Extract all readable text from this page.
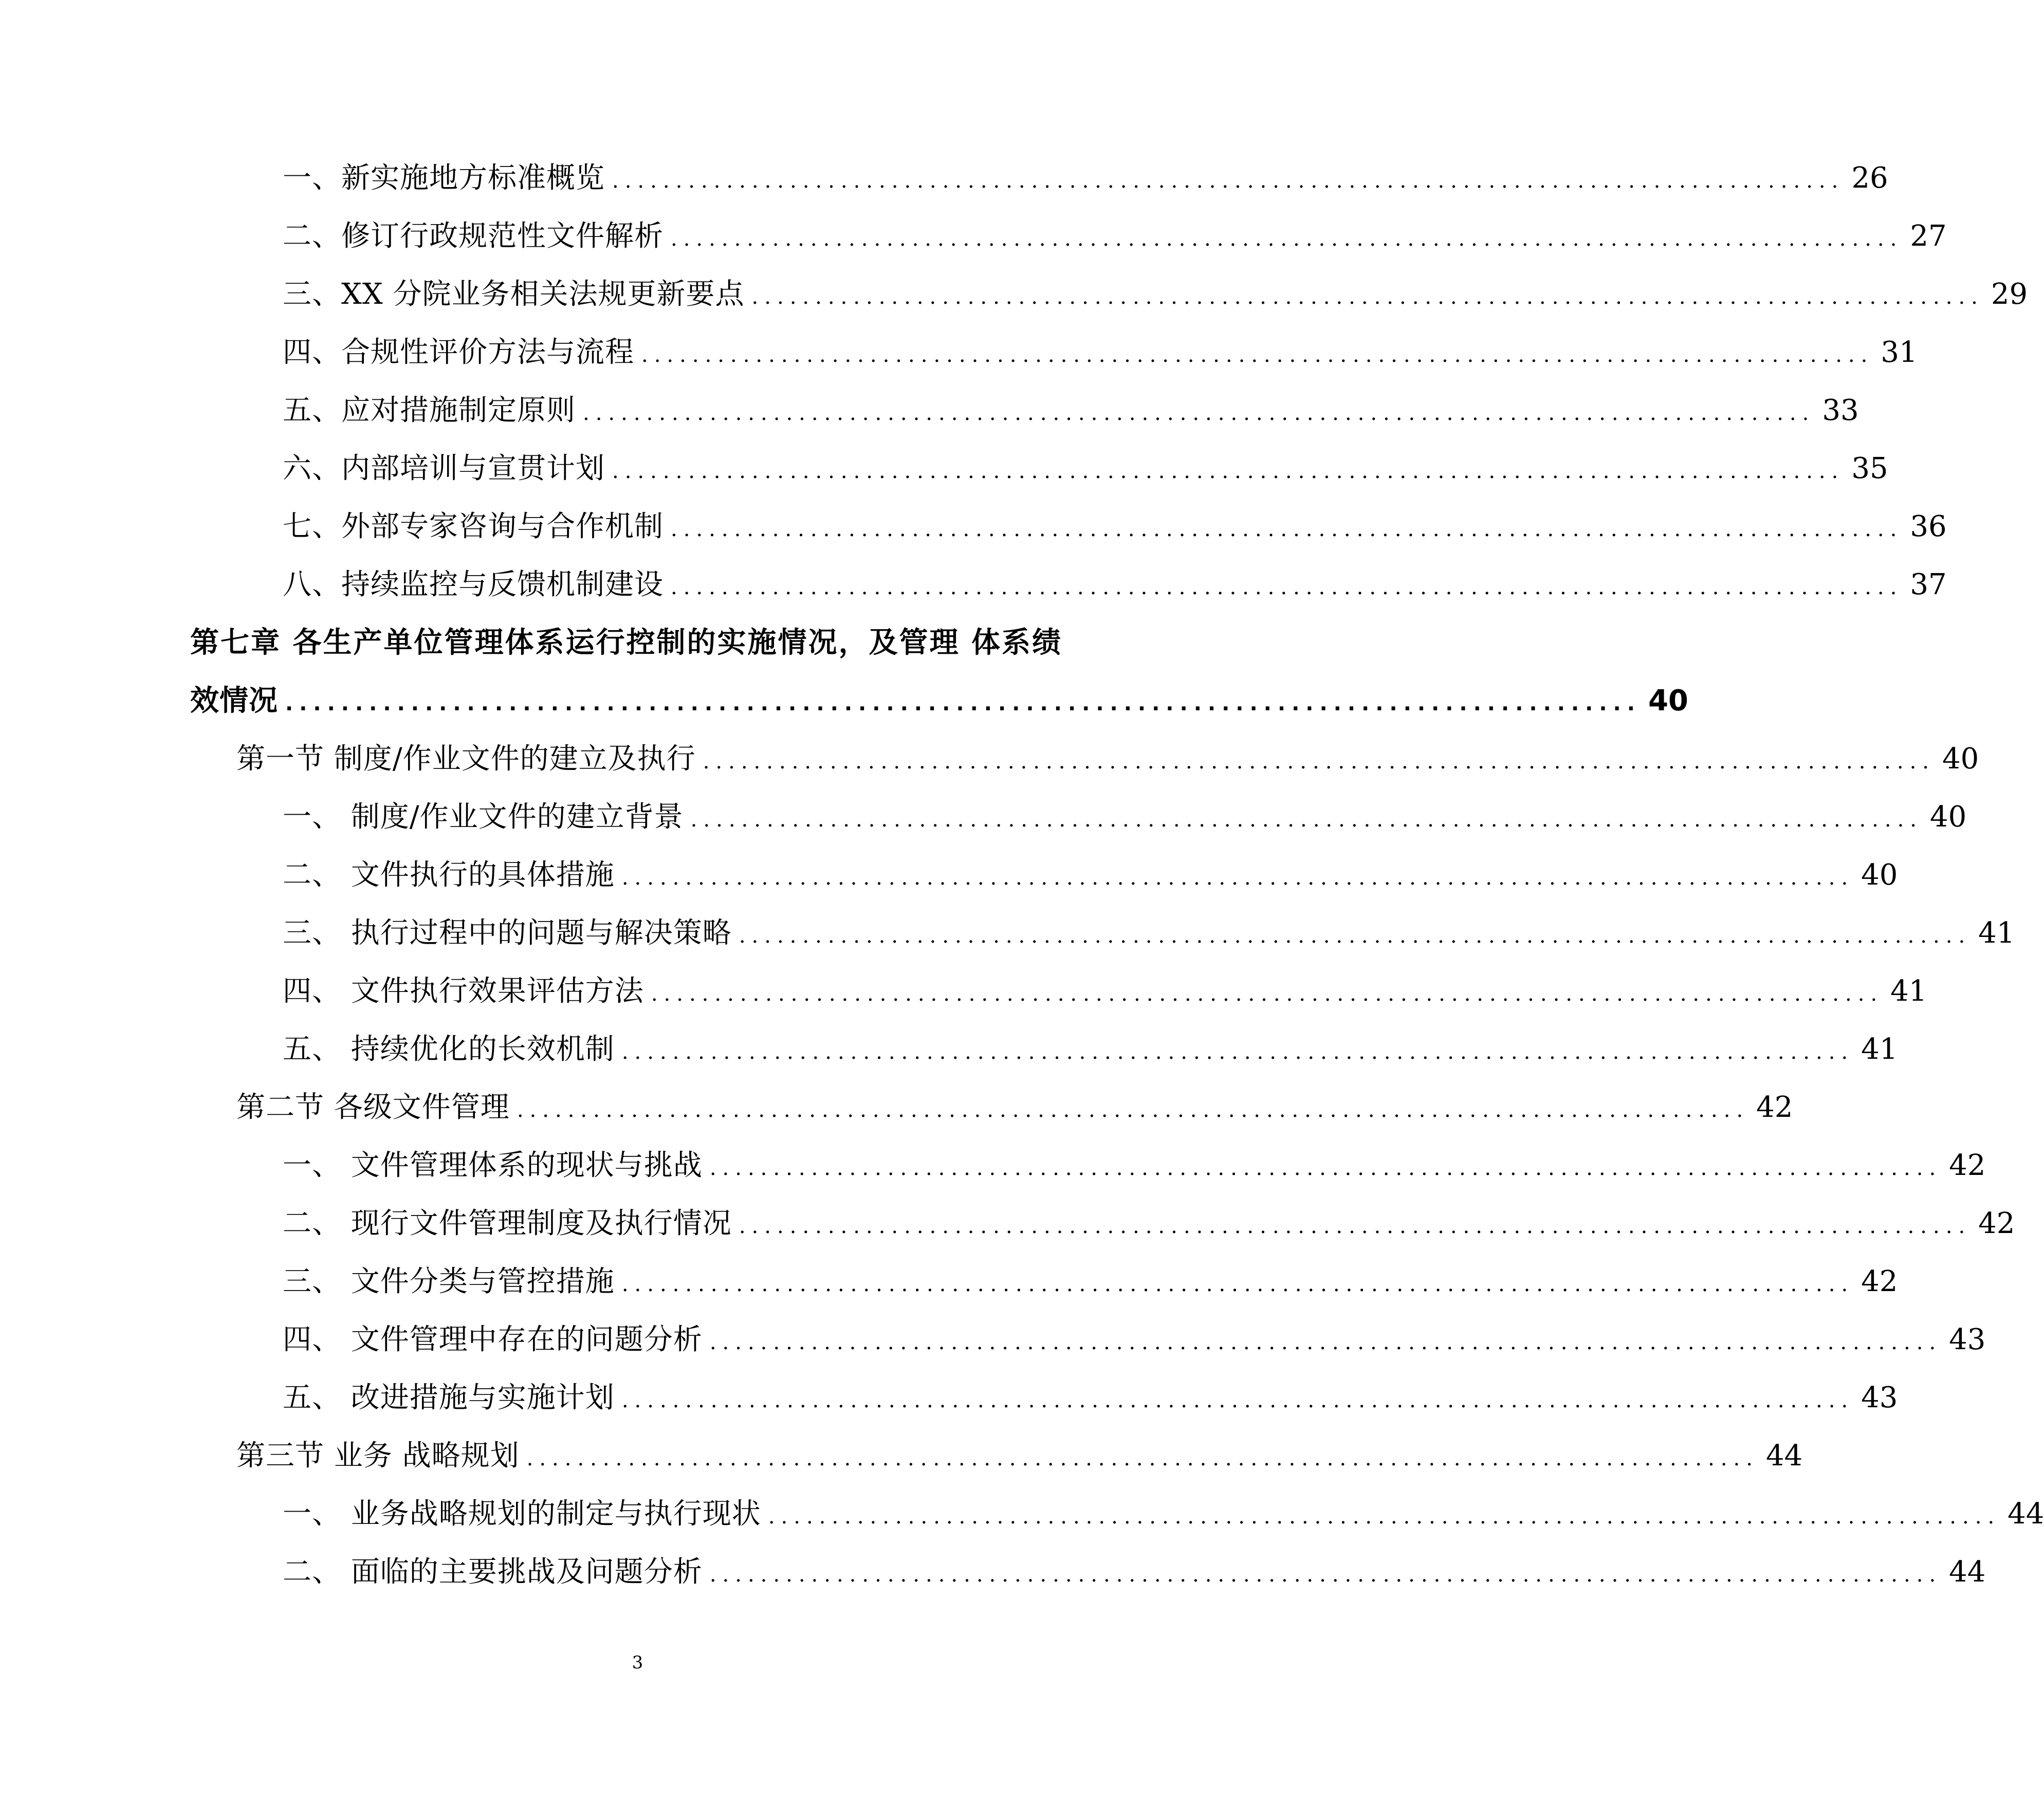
一、新实施地方标准概览 ................................................................................................. 26
二、修订行政规范性文件解析 ................................................................................................. 27
三、XX 分院业务相关法规更新要点 ................................................................................................. 29
四、合规性评价方法与流程 ................................................................................................. 31
五、应对措施制定原则 ................................................................................................. 33
六、内部培训与宣贯计划 ................................................................................................. 35
七、外部专家咨询与合作机制 ................................................................................................. 36
八、持续监控与反馈机制建设 ................................................................................................. 37
第七章 各生产单位管理体系运行控制的实施情况，及管理 体系绩
效情况 ................................................................................................. 40
第一节 制度/作业文件的建立及执行 ................................................................................................. 40
一、 制度/作业文件的建立背景 ................................................................................................. 40
二、 文件执行的具体措施 ................................................................................................. 40
三、 执行过程中的问题与解决策略 ................................................................................................. 41
四、 文件执行效果评估方法 ................................................................................................. 41
五、 持续优化的长效机制 ................................................................................................. 41
第二节 各级文件管理 ................................................................................................. 42
一、 文件管理体系的现状与挑战 ................................................................................................. 42
二、 现行文件管理制度及执行情况 ................................................................................................. 42
三、 文件分类与管控措施 ................................................................................................. 42
四、 文件管理中存在的问题分析 ................................................................................................. 43
五、 改进措施与实施计划 ................................................................................................. 43
第三节 业务 战略规划 ................................................................................................. 44
一、 业务战略规划的制定与执行现状 ................................................................................................. 44
二、 面临的主要挑战及问题分析 ................................................................................................. 44
3
